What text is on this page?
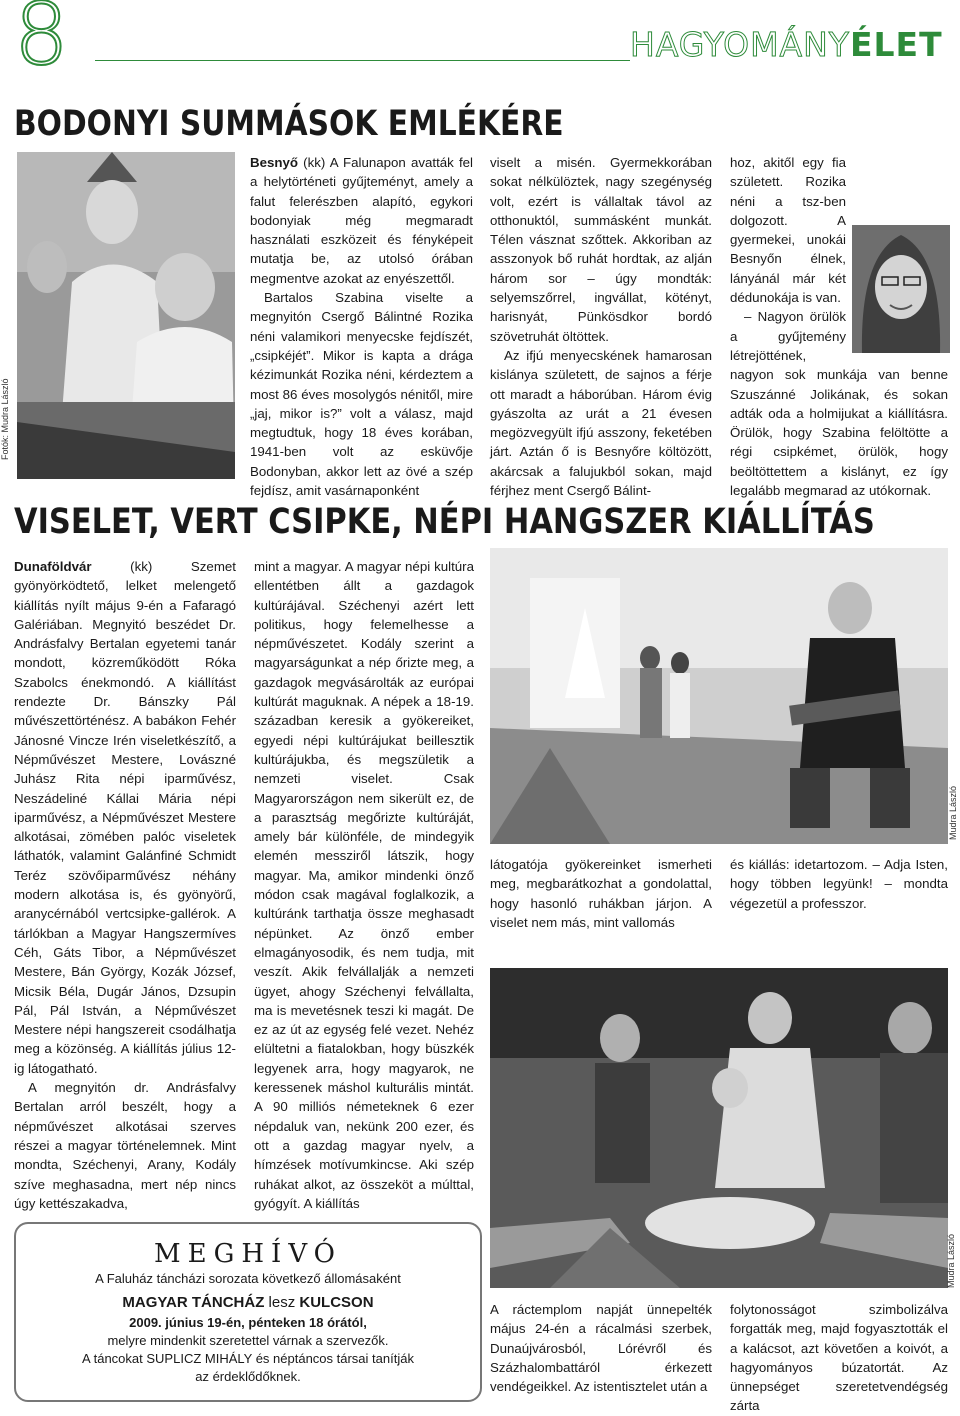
8	HAGYOMÁNYÉLET
BODONYI SUMMÁSOK EMLÉKÉRE
Fotók: Mudra László

Besnyő (kk) A Falunapon avatták fel a helytörténeti gyűjteményt, amely a falut felerészben alapító, egykori bodonyiak még megmaradt használati eszközeit és fényképeit mutatja be, az utolsó órában megmentve azokat az enyészettől.

Bartalos Szabina viselte a megnyitón Csergő Bálintné Rozika néni valamikori menyecske fejdíszét, „csipkéjét”. Mikor is kapta a drága kézimunkát Rozika néni, kérdeztem a most 86 éves mosolygós nénitől, mire „jaj, mikor is?” volt a válasz, majd megtudtuk, hogy 18 éves korában, 1941-ben volt az esküvője Bodonyban, akkor lett az övé a szép fejdísz, amit vasárnaponként

viselt a misén. Gyermekkorában sokat nélkülöztek, nagy szegénység volt, ezért is vállaltak távol az otthonuktól, summásként munkát. Télen vásznat szőttek. Akkoriban az asszonyok bő ruhát hordtak, az alján három sor – úgy mondták: selyemszőrrel, ingvállat, kötényt, harisnyát, Pünkösdkor bordó szövetruhát öltöttek.

Az ifjú menyecskének hamarosan kislánya született, de sajnos a férje ott maradt a háborúban. Három évig gyászolta az urát a 21 évesen megözvegyült ifjú asszony, feketében járt. Aztán ő is Besnyőre költözött, akárcsak a falujukból sokan, majd férjhez ment Csergő Bálint-

hoz, akitől egy fia született. Rozika néni a tsz-ben dolgozott. A gyermekei, unokái Besnyőn élnek, lányánál már két dédunokája is van.

– Nagyon örülök a gyűjtemény létrejöttének, nagyon sok munkája van benne Szuszánné Jolikának, és sokan adták oda a holmijukat a kiállításra. Örülök, hogy Szabina felöltötte a régi csipkémet, örülök, hogy beöltöttettem a kislányt, ez így legalább megmarad az utókornak.

VISELET, VERT CSIPKE, NÉPI HANGSZER KIÁLLÍTÁS

Dunaföldvár (kk) Szemet gyönyörködtető, lelket melengető kiállítás nyílt május 9-én a Fafaragó Galériában. Megnyitó beszédet Dr. Andrásfalvy Bertalan egyetemi tanár mondott, közreműködött Róka Szabolcs énekmondó. A kiállítást rendezte Dr. Bánszky Pál művészettörténész. A babákon Fehér Jánosné Vincze Irén viseletkészítő, a Népművészet Mestere, Lovászné Juhász Rita népi iparművész, Neszádeliné Kállai Mária népi iparművész, a Népművészet Mestere alkotásai, zömében palóc viseletek láthatók, valamint Galánfiné Schmidt Teréz szövőiparművész néhány modern alkotása is, és gyönyörű, aranycérnából vertcsipke-gallérok. A tárlókban a Magyar Hangszermíves Céh, Gáts Tibor, a Népművészet Mestere, Bán György, Kozák József, Micsik Béla, Dugár János, Dzsupin Pál, Pál István, a Népművészet Mestere népi hangszereit csodálhatja meg a közönség. A kiállítás július 12-ig látogatható.

A megnyitón dr. Andrásfalvy Bertalan arról beszélt, hogy a népművészet alkotásai szerves részei a magyar történelemnek. Mint mondta, Széchenyi, Arany, Kodály szíve meghasadna, mert nép nincs úgy kettészakadva,

mint a magyar. A magyar népi kultúra ellentétben állt a gazdagok kultúrájával. Széchenyi azért lett politikus, hogy felemelhesse a népművészetet. Kodály szerint a magyarságunkat a nép őrizte meg, a gazdagok megvásárolták az európai kultúrát maguknak. A népek a 18-19. században keresik a gyökereiket, egyedi népi kultúrájukat beillesztik kultúrájukba, és megszületik a nemzeti viselet. Csak Magyarországon nem sikerült ez, de a parasztság megőrizte kultúráját, amely bár különféle, de mindegyik elemén messziről látszik, hogy magyar. Ma, amikor mindenki önző módon csak magával foglalkozik, a kultúránk tarthatja össze meghasadt népünket. Az önző ember elmagányosodik, és nem tudja, mit veszít. Akik felvállalják a nemzeti ügyet, ahogy Széchenyi felvállalta, ma is mevetésnek teszi ki magát. De ez az út az egység felé vezet. Nehéz elültetni a fiatalokban, hogy büszkék legyenek arra, hogy magyarok, ne keressenek máshol kulturális mintát. A 90 milliós németeknek 6 ezer népdaluk van, nekünk 200 ezer, és ott a gazdag magyar nyelv, a hímzések motívumkincse. Aki szép ruhákat alkot, az összeköt a múlttal, gyógyít. A kiállítás

Mudra László

látogatója gyökereinket ismerheti meg, megbarátkozhat a gondolattal, hogy hasonló ruhákban járjon. A viselet nem más, mint vallomás

és kiállás: idetartozom. – Adja Isten, hogy többen legyünk! – mondta végezetül a professzor.

Mudra László

A ráctemplom napját ünnepelték május 24-én a rácalmási szerbek, Dunaújvárosból, Lórévről és Százhalombattáról érkezett vendégeikkel. Az istentisztelet után a

folytonosságot szimbolizálva forgatták meg, majd fogyasztották el a kalácsot, azt követően a koivót, a hagyományos búzatortát. Az ünnepséget szeretetvendégség zárta

MEGHÍVÓ
A Faluház táncházi sorozata következő állomásaként
MAGYAR TÁNCHÁZ lesz KULCSON
2009. június 19-én, pénteken 18 órától,
melyre mindenkit szeretettel várnak a szervezők.
A táncokat SUPLICZ MIHÁLY és néptáncos társai tanítják
az érdeklődőknek.
